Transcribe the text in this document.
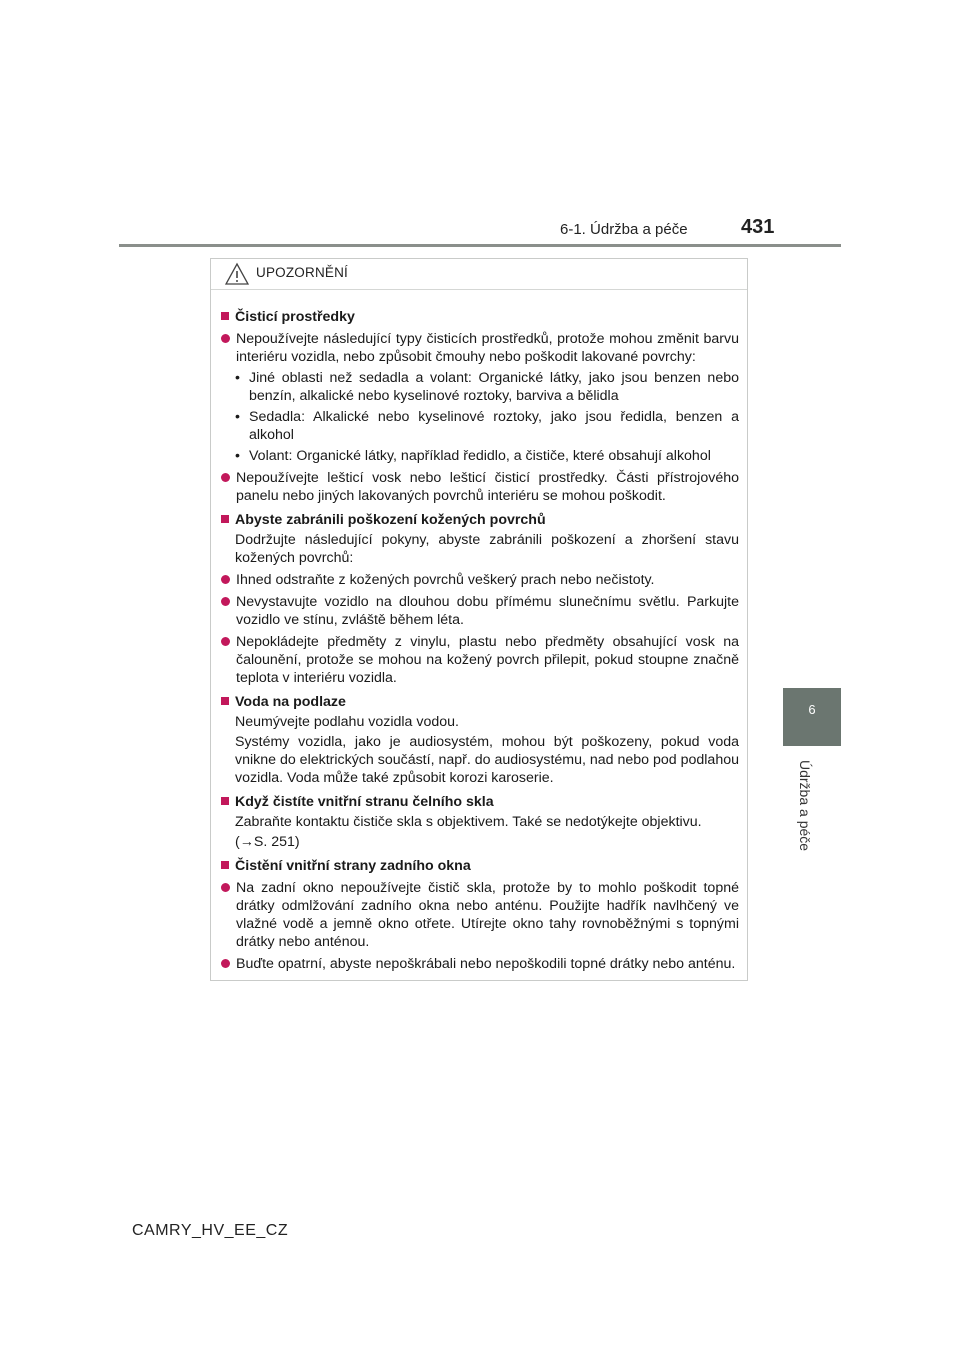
6-1. Údržba a péče	431
6
Údržba a péče
UPOZORNĚNÍ
Čisticí prostředky
Nepoužívejte následující typy čisticích prostředků, protože mohou změnit barvu interiéru vozidla, nebo způsobit čmouhy nebo poškodit lakované povrchy:
• Jiné oblasti než sedadla a volant: Organické látky, jako jsou benzen nebo benzín, alkalické nebo kyselinové roztoky, barviva a bělidla
• Sedadla: Alkalické nebo kyselinové roztoky, jako jsou ředidla, benzen a alkohol
• Volant: Organické látky, například ředidlo, a čističe, které obsahují alkohol
Nepoužívejte lešticí vosk nebo lešticí čisticí prostředky. Části přístrojového panelu nebo jiných lakovaných povrchů interiéru se mohou poškodit.
Abyste zabránili poškození kožených povrchů
Dodržujte následující pokyny, abyste zabránili poškození a zhoršení stavu kožených povrchů:
Ihned odstraňte z kožených povrchů veškerý prach nebo nečistoty.
Nevystavujte vozidlo na dlouhou dobu přímému slunečnímu světlu. Parkujte vozidlo ve stínu, zvláště během léta.
Nepokládejte předměty z vinylu, plastu nebo předměty obsahující vosk na čalounění, protože se mohou na kožený povrch přilepit, pokud stoupne značně teplota v interiéru vozidla.
Voda na podlaze
Neumývejte podlahu vozidla vodou.
Systémy vozidla, jako je audiosystém, mohou být poškozeny, pokud voda vnikne do elektrických součástí, např. do audiosystému, nad nebo pod podlahou vozidla. Voda může také způsobit korozi karoserie.
Když čistíte vnitřní stranu čelního skla
Zabraňte kontaktu čističe skla s objektivem. Také se nedotýkejte objektivu.
(→S. 251)
Čistění vnitřní strany zadního okna
Na zadní okno nepoužívejte čistič skla, protože by to mohlo poškodit topné drátky odmlžování zadního okna nebo anténu. Použijte hadřík navlhčený ve vlažné vodě a jemně okno otřete. Utírejte okno tahy rovnoběžnými s topnými drátky nebo anténou.
Buďte opatrní, abyste nepoškrábali nebo nepoškodili topné drátky nebo anténu.
CAMRY_HV_EE_CZ
